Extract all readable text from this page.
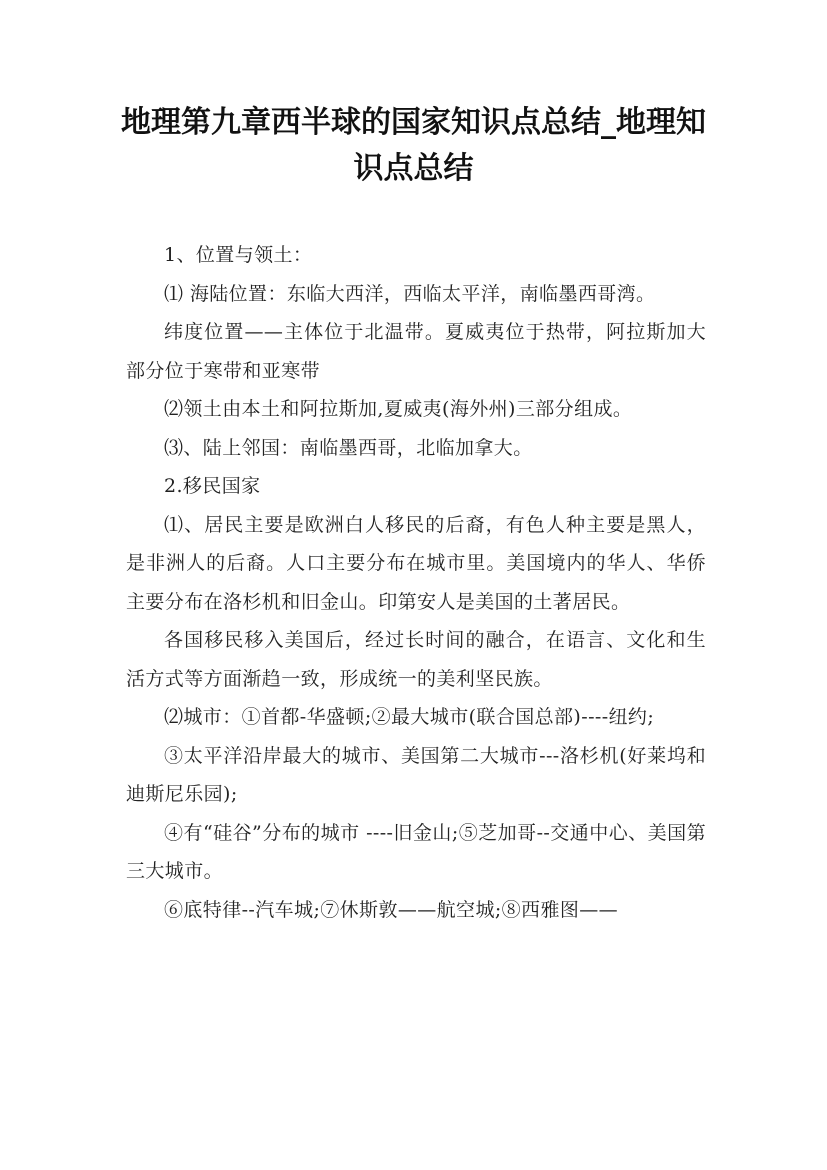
地理第九章西半球的国家知识点总结_地理知识点总结

1、位置与领土：

⑴ 海陆位置：东临大西洋，西临太平洋，南临墨西哥湾。

纬度位置——主体位于北温带。夏威夷位于热带，阿拉斯加大部分位于寒带和亚寒带

⑵领土由本土和阿拉斯加,夏威夷(海外州)三部分组成。

⑶、陆上邻国：南临墨西哥，北临加拿大。

2.移民国家

⑴、居民主要是欧洲白人移民的后裔，有色人种主要是黑人，是非洲人的后裔。人口主要分布在城市里。美国境内的华人、华侨主要分布在洛杉机和旧金山。印第安人是美国的土著居民。

各国移民移入美国后，经过长时间的融合，在语言、文化和生活方式等方面渐趋一致，形成统一的美利坚民族。

⑵城市：①首都-华盛顿;②最大城市(联合国总部)----纽约;

③太平洋沿岸最大的城市、美国第二大城市---洛杉机(好莱坞和迪斯尼乐园);

④有“硅谷”分布的城市 ----旧金山;⑤芝加哥--交通中心、美国第三大城市。

⑥底特律--汽车城;⑦休斯敦——航空城;⑧西雅图——
